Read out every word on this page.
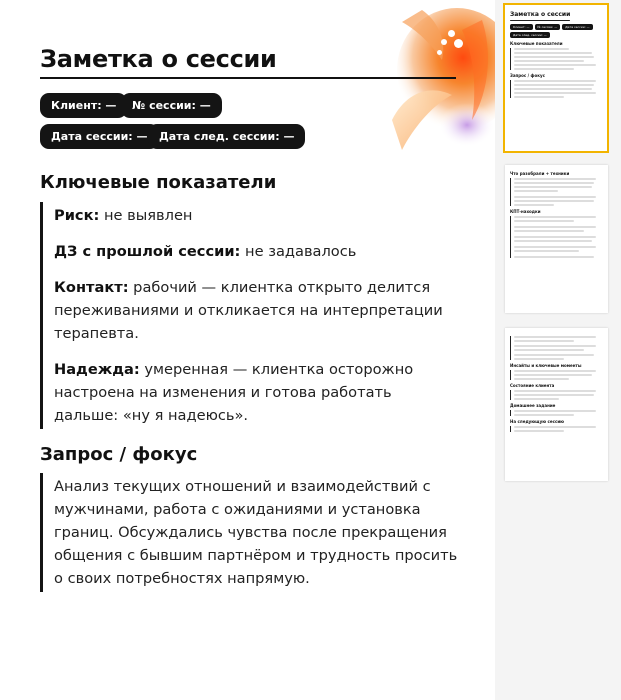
Заметка о сессии
Клиент: —	№ сессии: —
Дата сессии: —	Дата след. сессии: —
Ключевые показатели
Риск: не выявлен
ДЗ с прошлой сессии: не задавалось
Контакт: рабочий — клиентка открыто делится переживаниями и откликается на интерпретации терапевта.
Надежда: умеренная — клиентка осторожно настроена на изменения и готова работать дальше: «ну я надеюсь».
Запрос / фокус
Анализ текущих отношений и взаимодействий с мужчинами, работа с ожиданиями и установка границ. Обсуждались чувства после прекращения общения с бывшим партнёром и трудность просить о своих потребностях напрямую.
Заметка о сессии
Клиент: —	№ сессии: —	Дата сессии: —
Дата след. сессии: —
Ключевые показатели
Запрос / фокус
Что разобрали + техники
КПТ-находки
Инсайты и ключевые моменты
Состояние клиента
Домашнее задание
На следующую сессию
